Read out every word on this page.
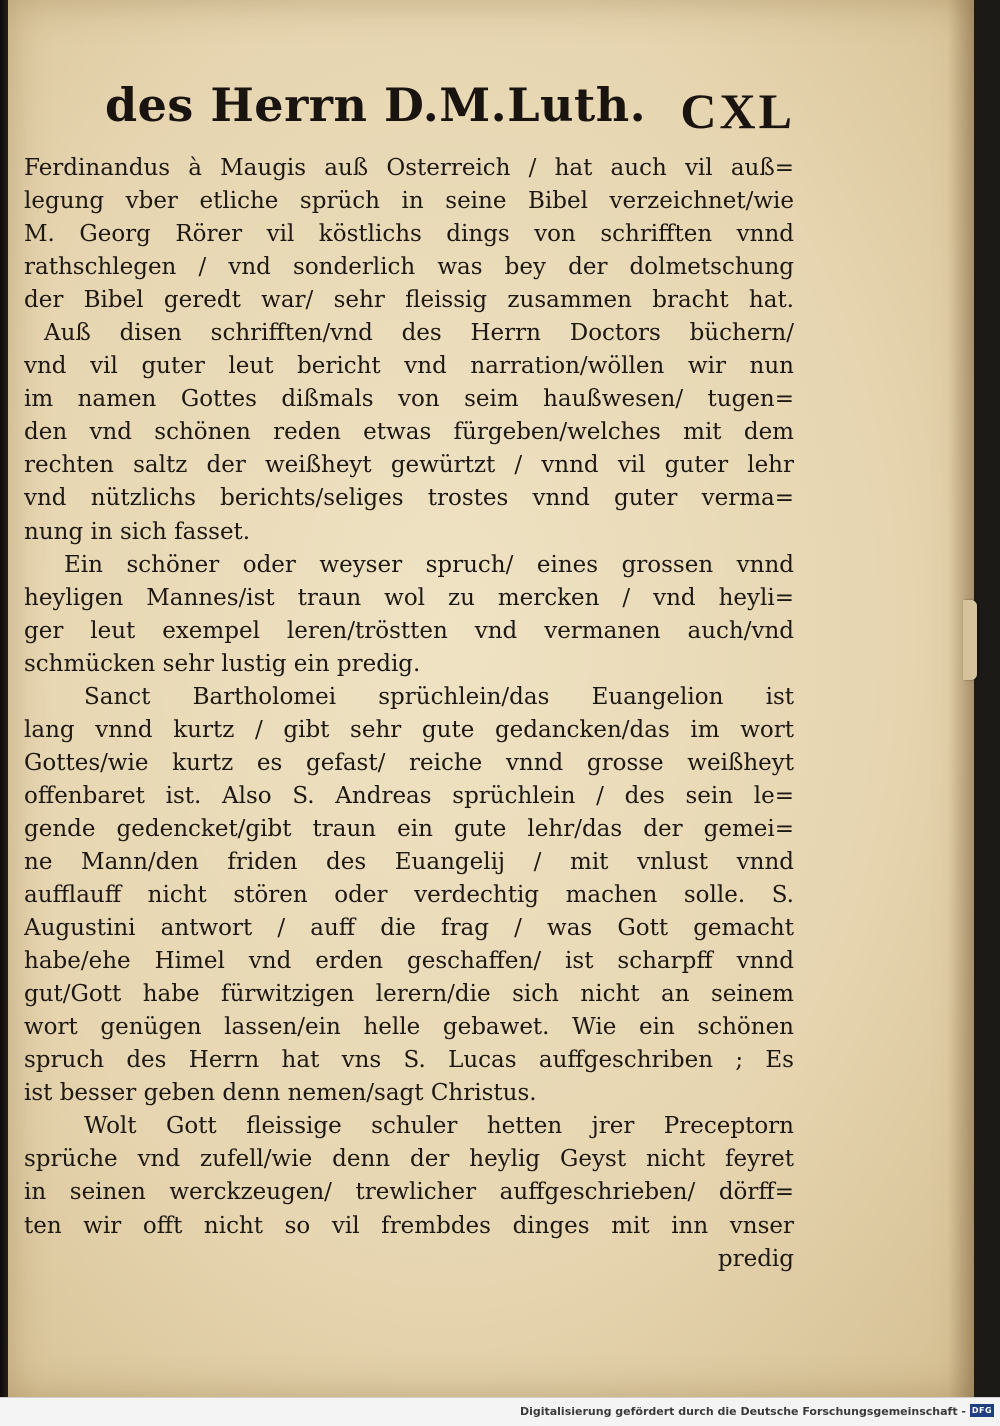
des Herrn D.M.Luth. CXL
Ferdinandus à Maugis auß Osterreich / hat auch vil auß=
legung vber etliche sprüch in seine Bibel verzeichnet/wie
M. Georg Rörer vil köstlichs dings von schrifften vnnd
rathschlegen / vnd sonderlich was bey der dolmetschung
der Bibel geredt war/ sehr fleissig zusammen bracht hat.
Auß disen schrifften/vnd des Herrn Doctors büchern/
vnd vil guter leut bericht vnd narration/wöllen wir nun
im namen Gottes dißmals von seim haußwesen/ tugen=
den vnd schönen reden etwas fürgeben/welches mit dem
rechten saltz der weißheyt gewürtzt / vnnd vil guter lehr
vnd nützlichs berichts/seliges trostes vnnd guter verma=
nung in sich fasset.
Ein schöner oder weyser spruch/ eines grossen vnnd
heyligen Mannes/ist traun wol zu mercken / vnd heyli=
ger leut exempel leren/tröstten vnd vermanen auch/vnd
schmücken sehr lustig ein predig.
Sanct Bartholomei sprüchlein/das Euangelion ist
lang vnnd kurtz / gibt sehr gute gedancken/das im wort
Gottes/wie kurtz es gefast/ reiche vnnd grosse weißheyt
offenbaret ist. Also S. Andreas sprüchlein / des sein le=
gende gedencket/gibt traun ein gute lehr/das der gemei=
ne Mann/den friden des Euangelij / mit vnlust vnnd
aufflauff nicht stören oder verdechtig machen solle. S.
Augustini antwort / auff die frag / was Gott gemacht
habe/ehe Himel vnd erden geschaffen/ ist scharpff vnnd
gut/Gott habe fürwitzigen lerern/die sich nicht an seinem
wort genügen lassen/ein helle gebawet. Wie ein schönen
spruch des Herrn hat vns S. Lucas auffgeschriben ; Es
ist besser geben denn nemen/sagt Christus.
Wolt Gott fleissige schuler hetten jrer Preceptorn
sprüche vnd zufell/wie denn der heylig Geyst nicht feyret
in seinen werckzeugen/ trewlicher auffgeschrieben/ dörff=
ten wir offt nicht so vil frembdes dinges mit inn vnser
predig
Digitalisierung gefördert durch die Deutsche Forschungsgemeinschaft - DFG
